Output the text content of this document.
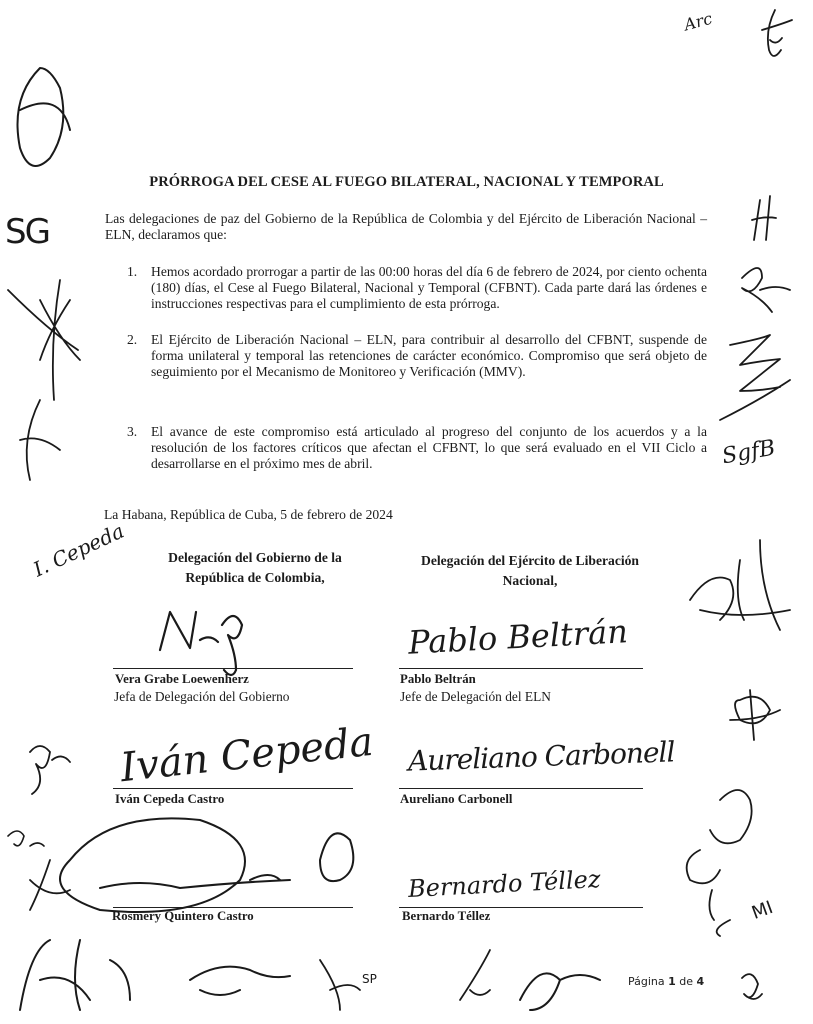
PRÓRROGA DEL CESE AL FUEGO BILATERAL, NACIONAL Y TEMPORAL
Las delegaciones de paz del Gobierno de la República de Colombia y del Ejército de Liberación Nacional – ELN, declaramos que:
1.	Hemos acordado prorrogar a partir de las 00:00 horas del día 6 de febrero de 2024, por ciento ochenta (180) días, el Cese al Fuego Bilateral, Nacional y Temporal (CFBNT). Cada parte dará las órdenes e instrucciones respectivas para el cumplimiento de esta prórroga.
2.	El Ejército de Liberación Nacional – ELN, para contribuir al desarrollo del CFBNT, suspende de forma unilateral y temporal las retenciones de carácter económico. Compromiso que será objeto de seguimiento por el Mecanismo de Monitoreo y Verificación (MMV).
3.	El avance de este compromiso está articulado al progreso del conjunto de los acuerdos y a la resolución de los factores críticos que afectan el CFBNT, lo que será evaluado en el VII Ciclo a desarrollarse en el próximo mes de abril.
La Habana, República de Cuba, 5 de febrero de 2024
Delegación del Gobierno de la
República de Colombia,
Delegación del Ejército de Liberación
Nacional,
Vera Grabe Loewenherz
Jefa de Delegación del Gobierno
Pablo Beltrán
Jefe de Delegación del ELN
Iván Cepeda Castro	Aureliano Carbonell
Rosmery Quintero Castro	Bernardo Téllez
Pablo Beltrán
Aureliano Carbonell
Bernardo Téllez
Iván Cepeda
Arc
SG
I. Cepeda
SgfB
SP
MI
Página 1 de 4
